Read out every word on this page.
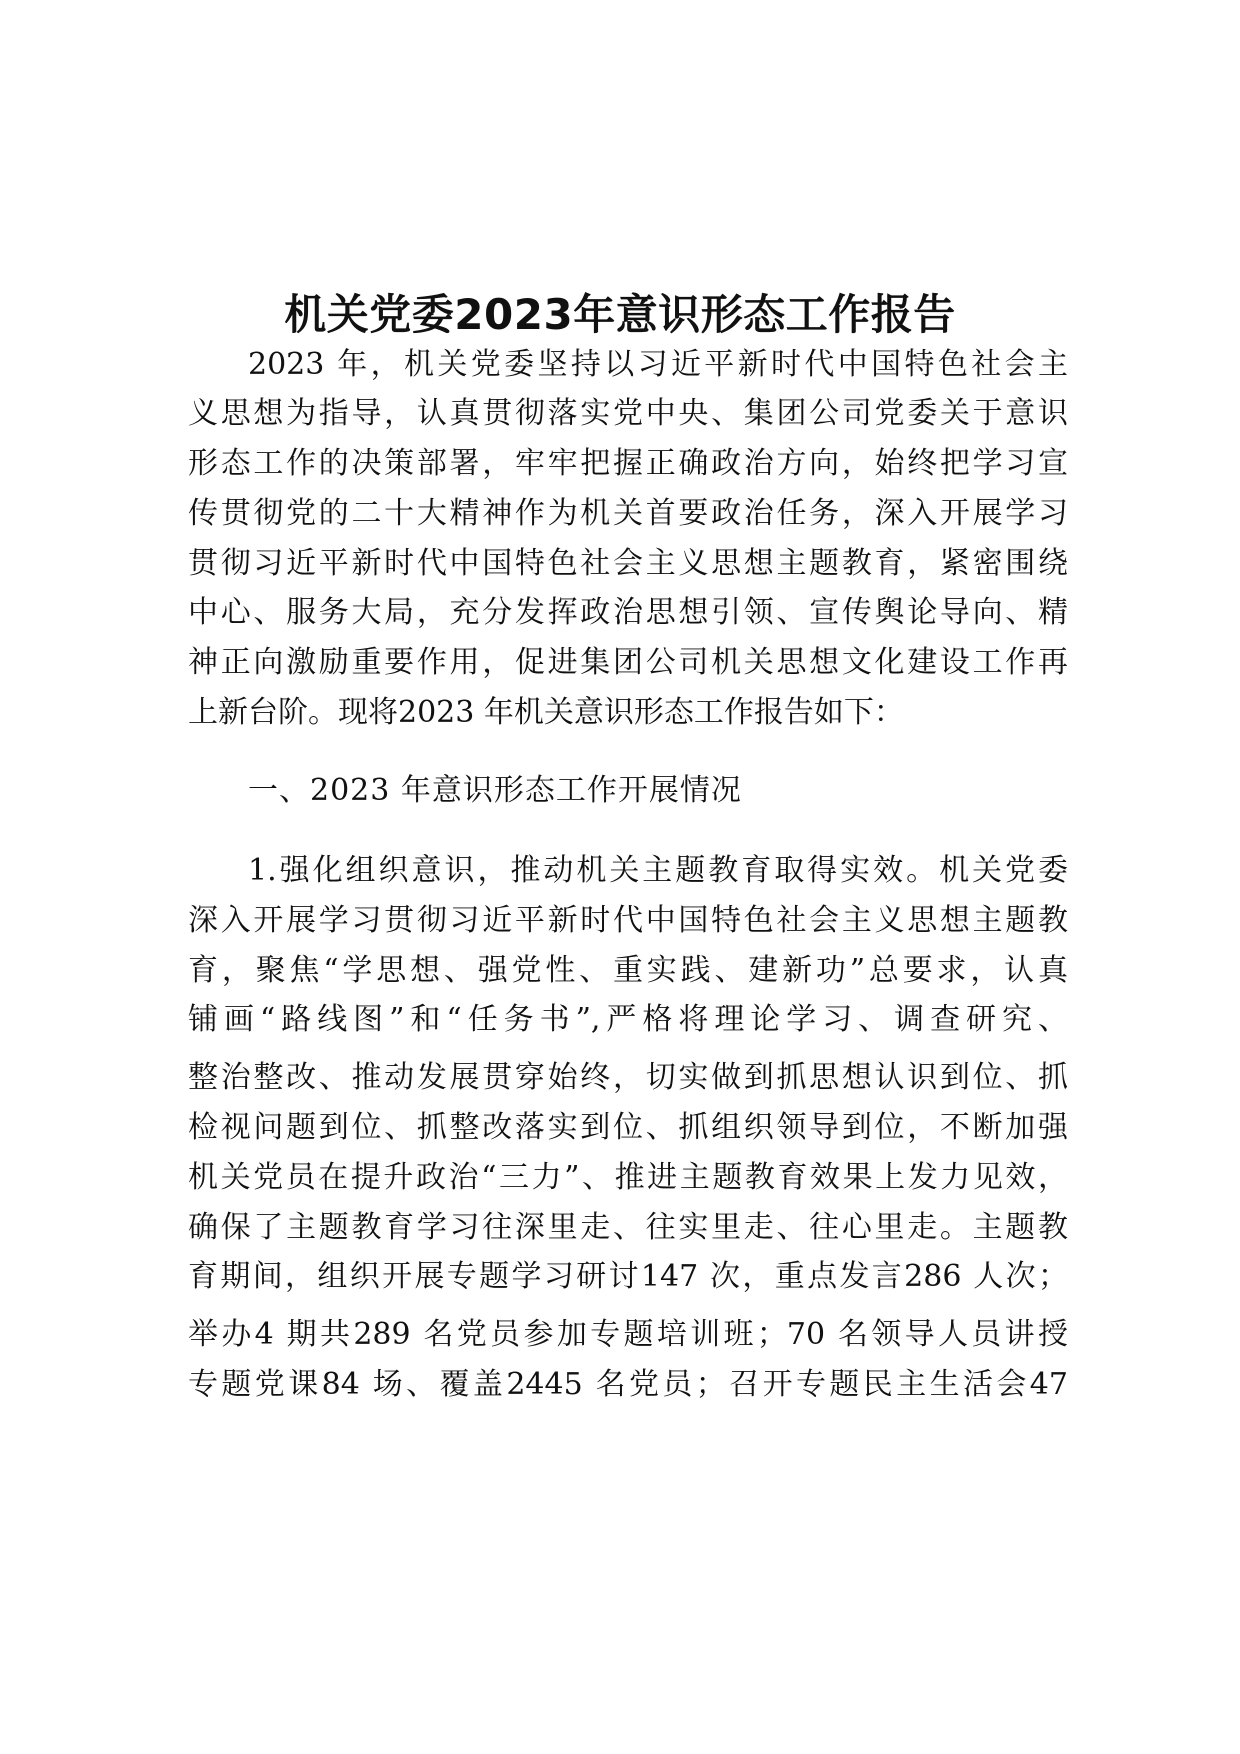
机关党委2023年意识形态工作报告
2023 年，机关党委坚持以习近平新时代中国特色社会主
义思想为指导，认真贯彻落实党中央、集团公司党委关于意识
形态工作的决策部署，牢牢把握正确政治方向，始终把学习宣
传贯彻党的二十大精神作为机关首要政治任务，深入开展学习
贯彻习近平新时代中国特色社会主义思想主题教育，紧密围绕
中心、服务大局，充分发挥政治思想引领、宣传舆论导向、精
神正向激励重要作用，促进集团公司机关思想文化建设工作再
上新台阶。现将2023 年机关意识形态工作报告如下：
一、2023 年意识形态工作开展情况
1.强化组织意识，推动机关主题教育取得实效。机关党委
深入开展学习贯彻习近平新时代中国特色社会主义思想主题教
育，聚焦“学思想、强党性、重实践、建新功”总要求，认真
铺画“路线图”和“任务书”,严格将理论学习、调查研究、
整治整改、推动发展贯穿始终，切实做到抓思想认识到位、抓
检视问题到位、抓整改落实到位、抓组织领导到位，不断加强
机关党员在提升政治“三力”、推进主题教育效果上发力见效，
确保了主题教育学习往深里走、往实里走、往心里走。主题教
育期间，组织开展专题学习研讨147 次，重点发言286 人次；
举办4 期共289 名党员参加专题培训班；70 名领导人员讲授
专题党课84 场、覆盖2445 名党员；召开专题民主生活会47
